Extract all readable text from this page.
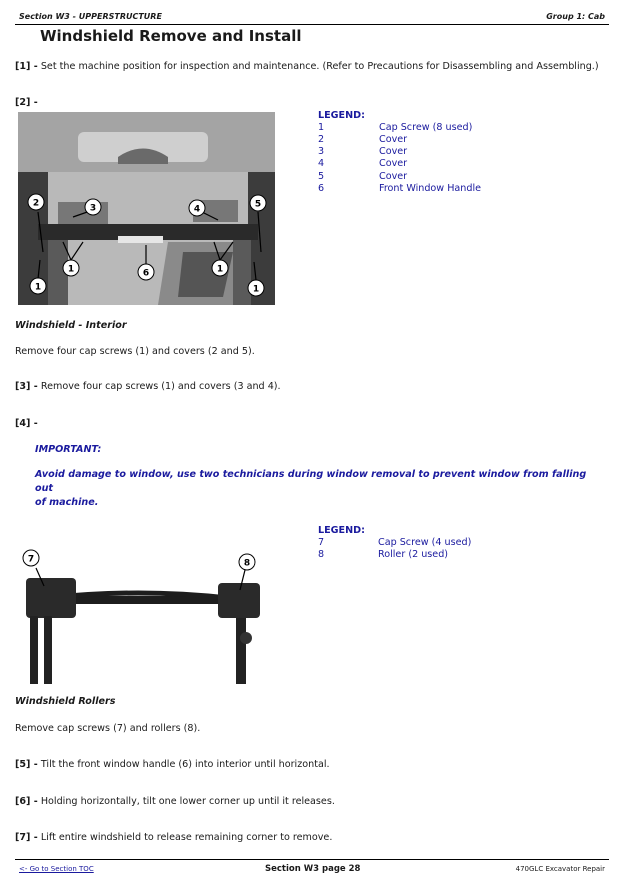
Section W3 - UPPERSTRUCTURE	Group 1: Cab
Windshield Remove and Install
[1] - Set the machine position for inspection and maintenance. (Refer to Precautions for Disassembling and Assembling.)
[2] -
2	3	4	5
1	6	1
1	1
LEGEND:
1	Cap Screw (8 used)
2	Cover
3	Cover
4	Cover
5	Cover
6	Front Window Handle
Windshield - Interior
Remove four cap screws (1) and covers (2 and 5).
[3] - Remove four cap screws (1) and covers (3 and 4).
[4] -
IMPORTANT:
Avoid damage to window, use two technicians during window removal to prevent window from falling out
of machine.
7	8
LEGEND:
7	Cap Screw (4 used)
8	Roller (2 used)
Windshield Rollers
Remove cap screws (7) and rollers (8).
[5] - Tilt the front window handle (6) into interior until horizontal.
[6] - Holding horizontally, tilt one lower corner up until it releases.
[7] - Lift entire windshield to release remaining corner to remove.
<- Go to Section TOC	Section W3 page 28	470GLC Excavator Repair
